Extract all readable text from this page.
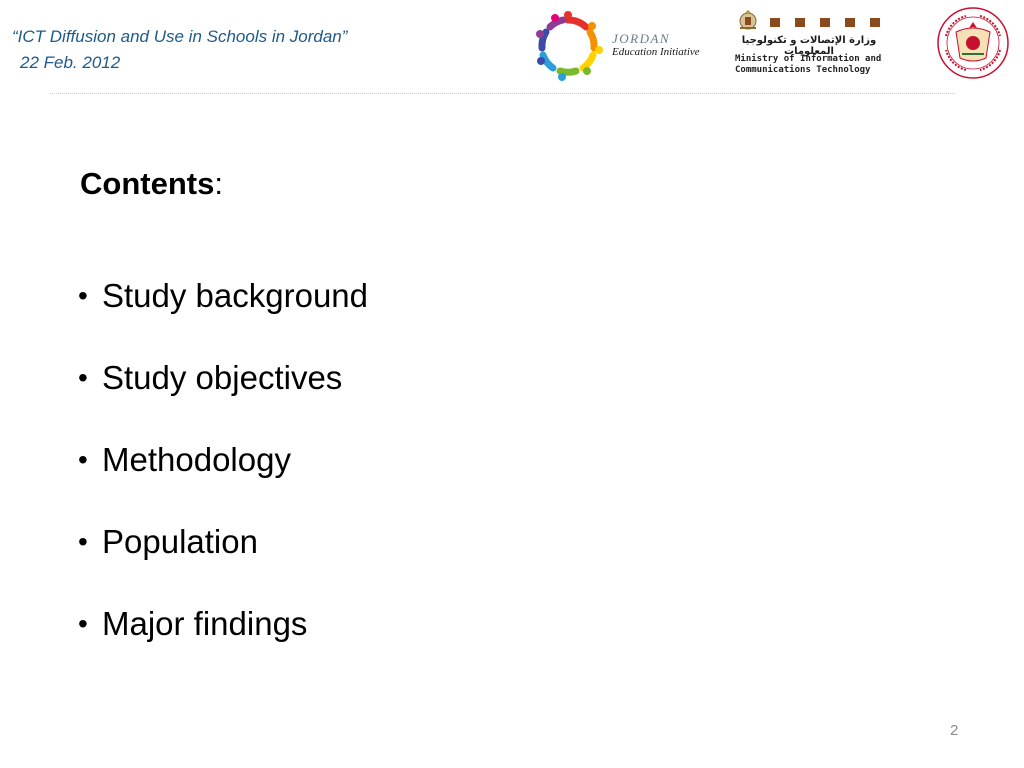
“ICT Diffusion and Use in Schools in Jordan”
22 Feb. 2012
JORDAN
Education Initiative
وزارة الإتصالات و تكنولوجيا المعلومات
Ministry of Information and
Communications Technology
Contents:
• Study background
• Study objectives
• Methodology
• Population
• Major findings
2
